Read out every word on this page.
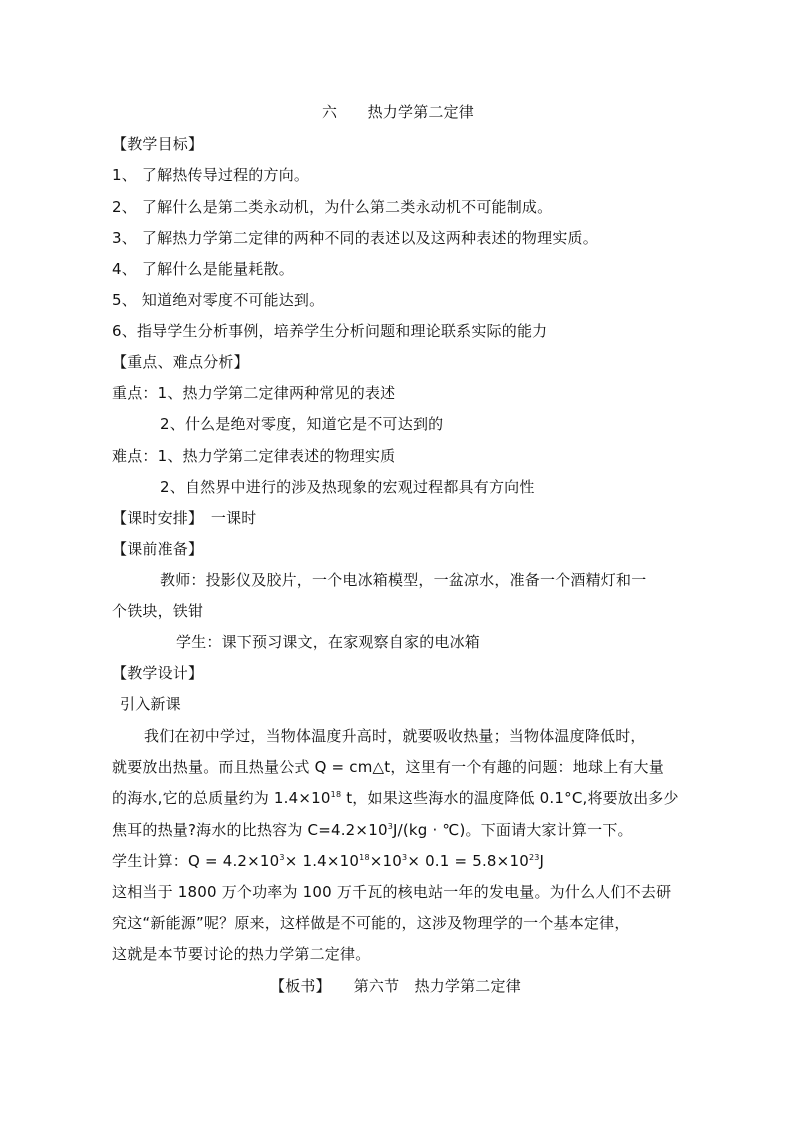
六　　热力学第二定律
【教学目标】
1、 了解热传导过程的方向。
2、 了解什么是第二类永动机，为什么第二类永动机不可能制成。
3、 了解热力学第二定律的两种不同的表述以及这两种表述的物理实质。
4、 了解什么是能量耗散。
5、 知道绝对零度不可能达到。
6、指导学生分析事例，培养学生分析问题和理论联系实际的能力
【重点、难点分析】
重点：1、热力学第二定律两种常见的表述
2、什么是绝对零度，知道它是不可达到的
难点：1、热力学第二定律表述的物理实质
2、自然界中进行的涉及热现象的宏观过程都具有方向性
【课时安排】　一课时
【课前准备】
教师：投影仪及胶片，一个电冰箱模型，一盆凉水，准备一个酒精灯和一
个铁块，铁钳
学生：课下预习课文，在家观察自家的电冰箱
【教学设计】
引入新课
我们在初中学过，当物体温度升高时，就要吸收热量；当物体温度降低时，
就要放出热量。而且热量公式 Q = cm△t，这里有一个有趣的问题：地球上有大量
的海水,它的总质量约为 $1.4\times 10^{18}$ t，如果这些海水的温度降低 0.1°C,将要放出多少
焦耳的热量?海水的比热容为 $C=4.2\times 10^3J/(kg$ · ℃)。下面请大家计算一下。
学生计算：$Q = 4.2\times 10^3\times 1.4\times 10^{18}\times 10^3\times 0.1 = 5.8\times 10^{23}J$
这相当于 1800 万个功率为 100 万千瓦的核电站一年的发电量。为什么人们不去研
究这“新能源”呢？原来，这样做是不可能的，这涉及物理学的一个基本定律，
这就是本节要讨论的热力学第二定律。
【板书】　　第六节　热力学第二定律
